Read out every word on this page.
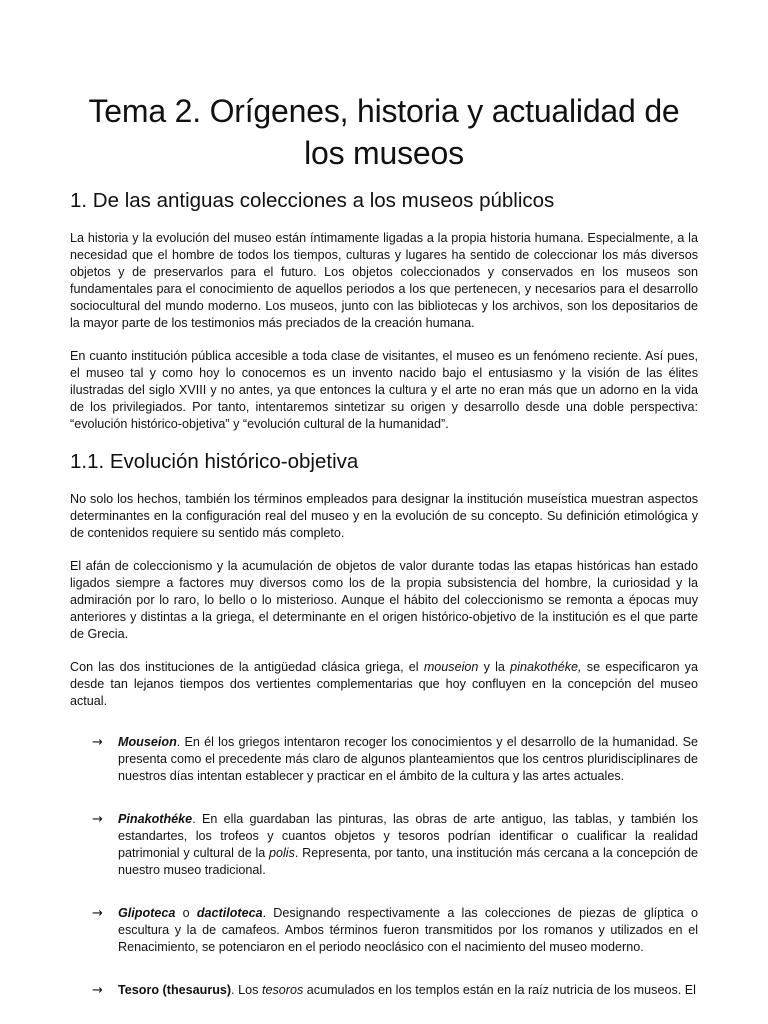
Tema 2. Orígenes, historia y actualidad de los museos
1. De las antiguas colecciones a los museos públicos

La historia y la evolución del museo están íntimamente ligadas a la propia historia humana. Especialmente, a la necesidad que el hombre de todos los tiempos, culturas y lugares ha sentido de coleccionar los más diversos objetos y de preservarlos para el futuro. Los objetos coleccionados y conservados en los museos son fundamentales para el conocimiento de aquellos periodos a los que pertenecen, y necesarios para el desarrollo sociocultural del mundo moderno. Los museos, junto con las bibliotecas y los archivos, son los depositarios de la mayor parte de los testimonios más preciados de la creación humana.

En cuanto institución pública accesible a toda clase de visitantes, el museo es un fenómeno reciente. Así pues, el museo tal y como hoy lo conocemos es un invento nacido bajo el entusiasmo y la visión de las élites ilustradas del siglo XVIII y no antes, ya que entonces la cultura y el arte no eran más que un adorno en la vida de los privilegiados. Por tanto, intentaremos sintetizar su origen y desarrollo desde una doble perspectiva: “evolución histórico-objetiva” y “evolución cultural de la humanidad”.

1.1. Evolución histórico-objetiva

No solo los hechos, también los términos empleados para designar la institución museística muestran aspectos determinantes en la configuración real del museo y en la evolución de su concepto. Su definición etimológica y de contenidos requiere su sentido más completo.

El afán de coleccionismo y la acumulación de objetos de valor durante todas las etapas históricas han estado ligados siempre a factores muy diversos como los de la propia subsistencia del hombre, la curiosidad y la admiración por lo raro, lo bello o lo misterioso. Aunque el hábito del coleccionismo se remonta a épocas muy anteriores y distintas a la griega, el determinante en el origen histórico-objetivo de la institución es el que parte de Grecia.

Con las dos instituciones de la antigüedad clásica griega, el mouseion y la pinakothéke, se especificaron ya desde tan lejanos tiempos dos vertientes complementarias que hoy confluyen en la concepción del museo actual.

→ Mouseion. En él los griegos intentaron recoger los conocimientos y el desarrollo de la humanidad. Se presenta como el precedente más claro de algunos planteamientos que los centros pluridisciplinares de nuestros días intentan establecer y practicar en el ámbito de la cultura y las artes actuales.
→ Pinakothéke. En ella guardaban las pinturas, las obras de arte antiguo, las tablas, y también los estandartes, los trofeos y cuantos objetos y tesoros podrían identificar o cualificar la realidad patrimonial y cultural de la polis. Representa, por tanto, una institución más cercana a la concepción de nuestro museo tradicional.
→ Glipoteca o dactiloteca. Designando respectivamente a las colecciones de piezas de glíptica o escultura y la de camafeos. Ambos términos fueron transmitidos por los romanos y utilizados en el Renacimiento, se potenciaron en el periodo neoclásico con el nacimiento del museo moderno.
→ Tesoro (thesaurus). Los tesoros acumulados en los templos están en la raíz nutricia de los museos. El
